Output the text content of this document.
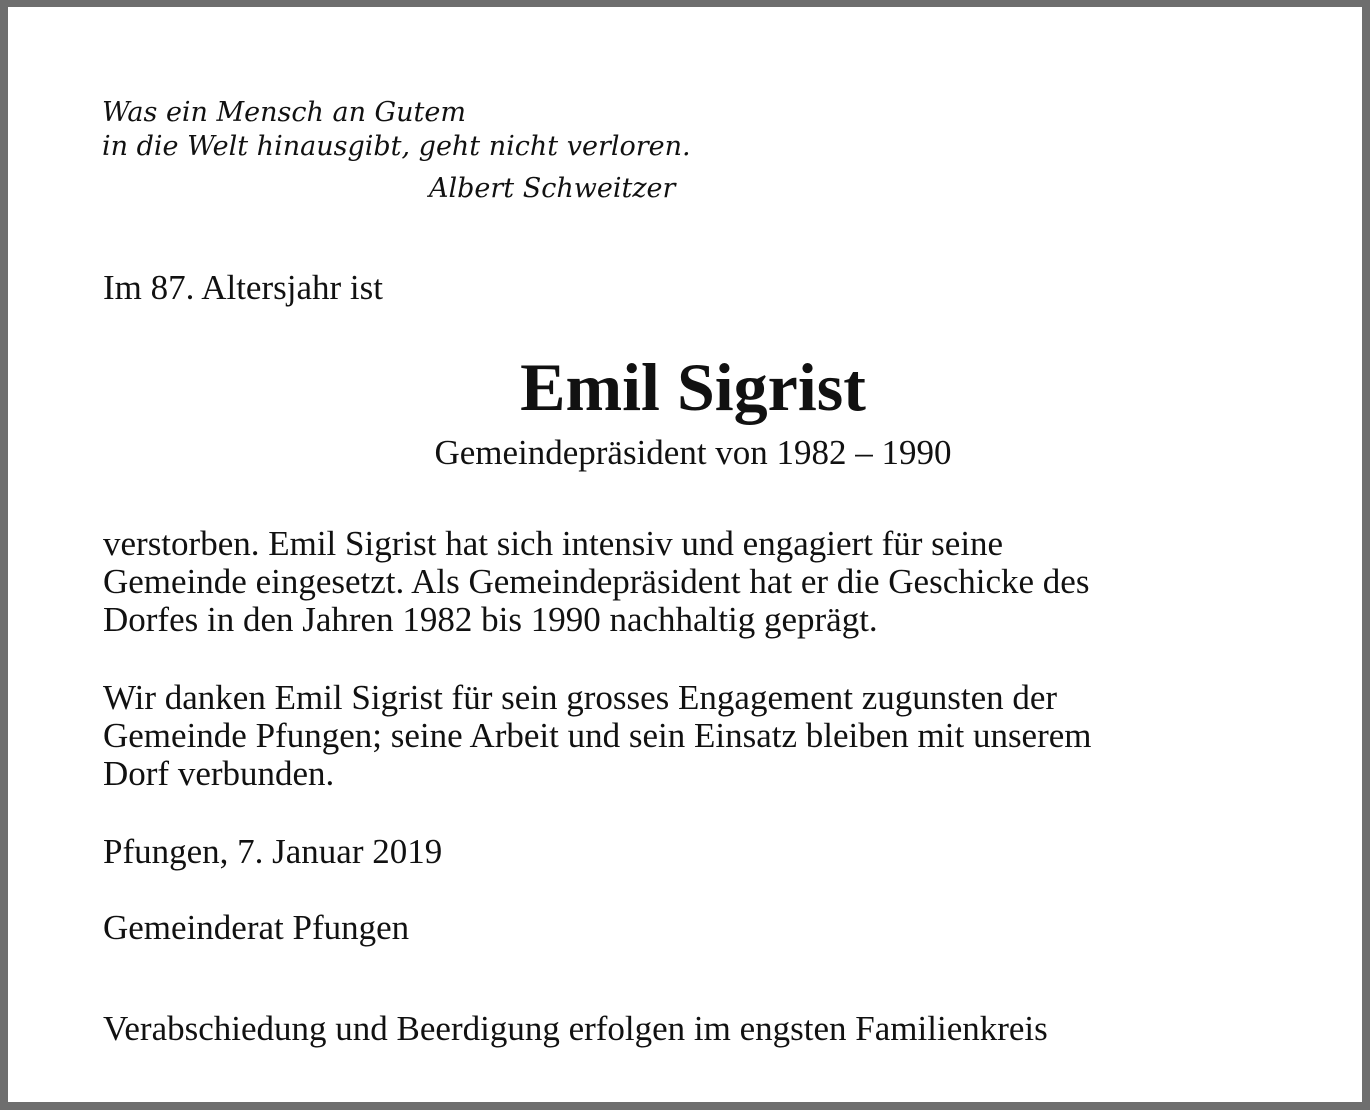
Was ein Mensch an Gutem

in die Welt hinausgibt, geht nicht verloren.

Albert Schweitzer

Im 87. Altersjahr ist

Emil Sigrist

Gemeindepräsident von 1982 – 1990

verstorben. Emil Sigrist hat sich intensiv und engagiert für seine

Gemeinde eingesetzt. Als Gemeindepräsident hat er die Geschicke des

Dorfes in den Jahren 1982 bis 1990 nachhaltig geprägt.

Wir danken Emil Sigrist für sein grosses Engagement zugunsten der

Gemeinde Pfungen; seine Arbeit und sein Einsatz bleiben mit unserem

Dorf verbunden.

Pfungen, 7. Januar 2019

Gemeinderat Pfungen

Verabschiedung und Beerdigung erfolgen im engsten Familienkreis
